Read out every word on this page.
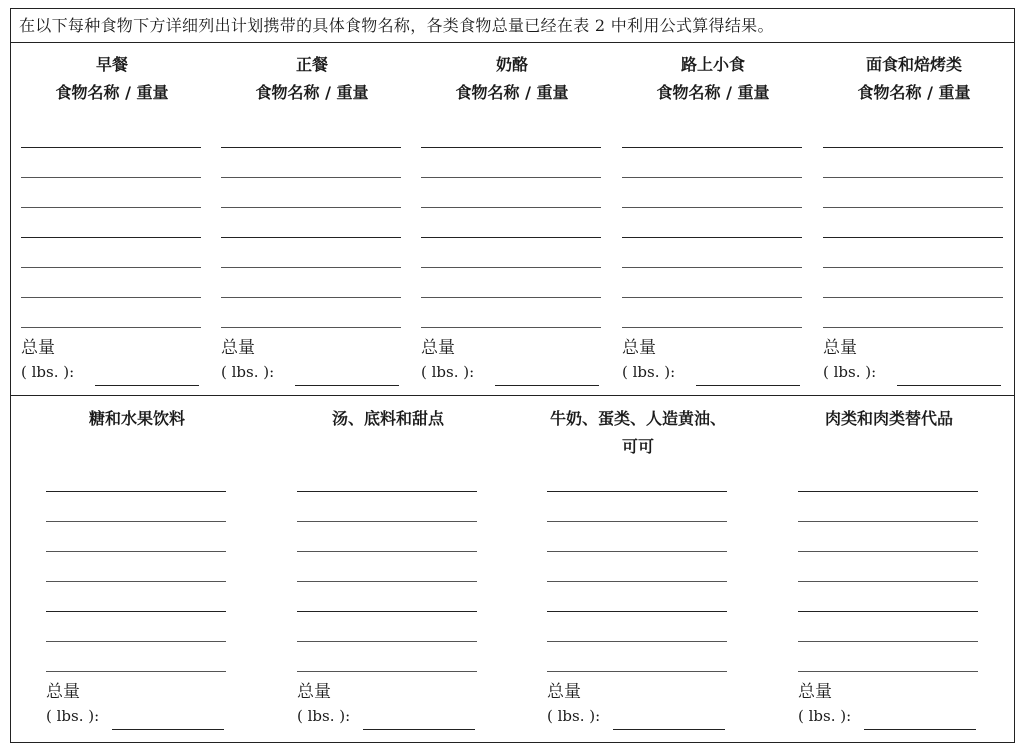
在以下每种食物下方详细列出计划携带的具体食物名称，各类食物总量已经在表 2 中利用公式算得结果。
早餐
食物名称 / 重量
总量
( lbs. ):
正餐
食物名称 / 重量
总量
( lbs. ):
奶酪
食物名称 / 重量
总量
( lbs. ):
路上小食
食物名称 / 重量
总量
( lbs. ):
面食和焙烤类
食物名称 / 重量
总量
( lbs. ):
糖和水果饮料
总量
( lbs. ):
汤、底料和甜点
总量
( lbs. ):
牛奶、蛋类、人造黄油、
可可
总量
( lbs. ):
肉类和肉类替代品
总量
( lbs. ):
